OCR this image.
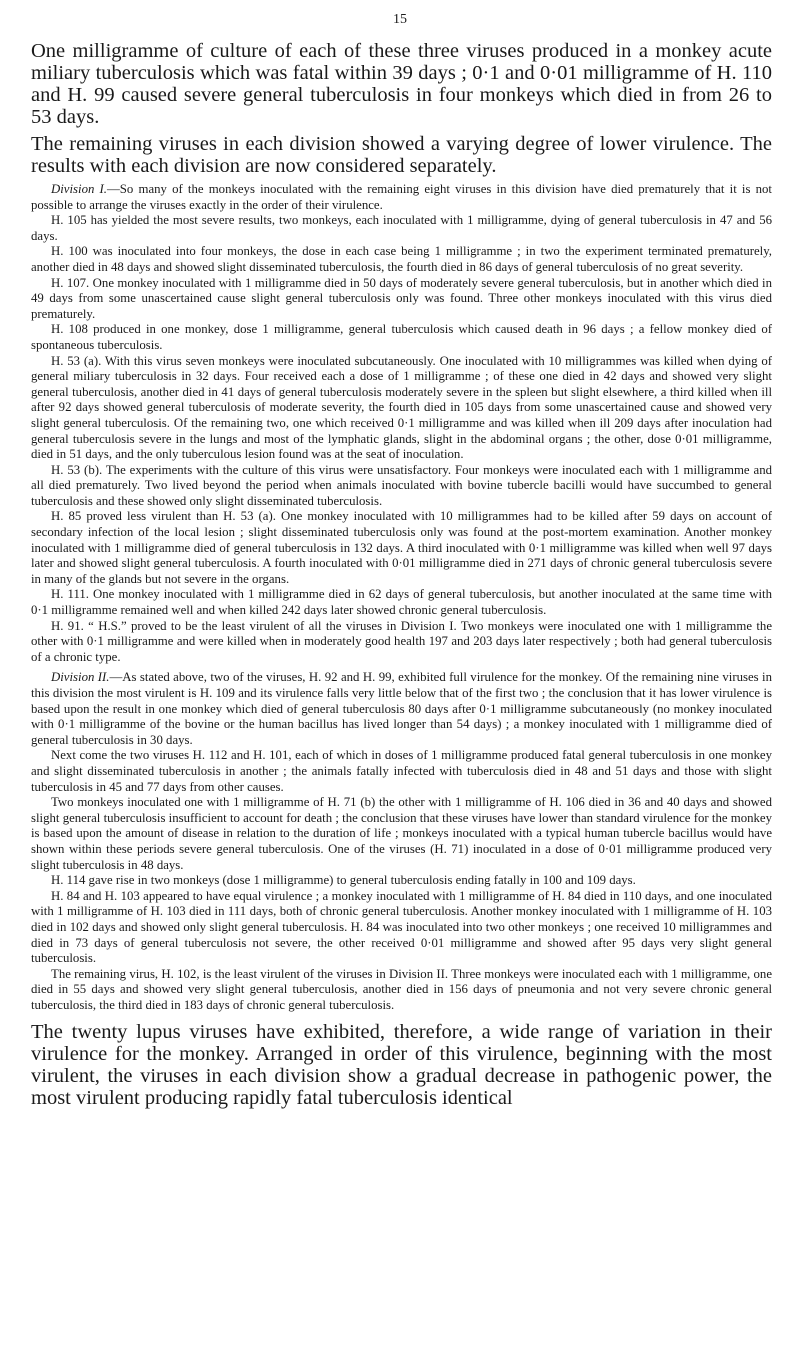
15

One milligramme of culture of each of these three viruses produced in a monkey acute miliary tuberculosis which was fatal within 39 days ; 0·1 and 0·01 milligramme of H. 110 and H. 99 caused severe general tuberculosis in four monkeys which died in from 26 to 53 days.

The remaining viruses in each division showed a varying degree of lower virulence. The results with each division are now considered separately.

Division I.—So many of the monkeys inoculated with the remaining eight viruses in this division have died prematurely that it is not possible to arrange the viruses exactly in the order of their virulence.

H. 105 has yielded the most severe results, two monkeys, each inoculated with 1 milligramme, dying of general tuberculosis in 47 and 56 days.

H. 100 was inoculated into four monkeys, the dose in each case being 1 milligramme ; in two the experiment terminated prematurely, another died in 48 days and showed slight disseminated tuberculosis, the fourth died in 86 days of general tuberculosis of no great severity.

H. 107. One monkey inoculated with 1 milligramme died in 50 days of moderately severe general tuberculosis, but in another which died in 49 days from some unascertained cause slight general tuberculosis only was found. Three other monkeys inoculated with this virus died prematurely.

H. 108 produced in one monkey, dose 1 milligramme, general tuberculosis which caused death in 96 days ; a fellow monkey died of spontaneous tuberculosis.

H. 53 (a). With this virus seven monkeys were inoculated subcutaneously. One inoculated with 10 milligrammes was killed when dying of general miliary tuberculosis in 32 days. Four received each a dose of 1 milligramme ; of these one died in 42 days and showed very slight general tuberculosis, another died in 41 days of general tuberculosis moderately severe in the spleen but slight elsewhere, a third killed when ill after 92 days showed general tuberculosis of moderate severity, the fourth died in 105 days from some unascertained cause and showed very slight general tuberculosis. Of the remaining two, one which received 0·1 milligramme and was killed when ill 209 days after inoculation had general tuberculosis severe in the lungs and most of the lymphatic glands, slight in the abdominal organs ; the other, dose 0·01 milligramme, died in 51 days, and the only tuberculous lesion found was at the seat of inoculation.

H. 53 (b). The experiments with the culture of this virus were unsatisfactory. Four monkeys were inoculated each with 1 milligramme and all died prematurely. Two lived beyond the period when animals inoculated with bovine tubercle bacilli would have succumbed to general tuberculosis and these showed only slight disseminated tuberculosis.

H. 85 proved less virulent than H. 53 (a). One monkey inoculated with 10 milligrammes had to be killed after 59 days on account of secondary infection of the local lesion ; slight disseminated tuberculosis only was found at the post-mortem examination. Another monkey inoculated with 1 milligramme died of general tuberculosis in 132 days. A third inoculated with 0·1 milligramme was killed when well 97 days later and showed slight general tuberculosis. A fourth inoculated with 0·01 milligramme died in 271 days of chronic general tuberculosis severe in many of the glands but not severe in the organs.

H. 111. One monkey inoculated with 1 milligramme died in 62 days of general tuberculosis, but another inoculated at the same time with 0·1 milligramme remained well and when killed 242 days later showed chronic general tuberculosis.

H. 91. “ H.S.” proved to be the least virulent of all the viruses in Division I. Two monkeys were inoculated one with 1 milligramme the other with 0·1 milligramme and were killed when in moderately good health 197 and 203 days later respectively ; both had general tuberculosis of a chronic type.

Division II.—As stated above, two of the viruses, H. 92 and H. 99, exhibited full virulence for the monkey. Of the remaining nine viruses in this division the most virulent is H. 109 and its virulence falls very little below that of the first two ; the conclusion that it has lower virulence is based upon the result in one monkey which died of general tuberculosis 80 days after 0·1 milligramme subcutaneously (no monkey inoculated with 0·1 milligramme of the bovine or the human bacillus has lived longer than 54 days) ; a monkey inoculated with 1 milligramme died of general tuberculosis in 30 days.

Next come the two viruses H. 112 and H. 101, each of which in doses of 1 milligramme produced fatal general tuberculosis in one monkey and slight disseminated tuberculosis in another ; the animals fatally infected with tuberculosis died in 48 and 51 days and those with slight tuberculosis in 45 and 77 days from other causes.

Two monkeys inoculated one with 1 milligramme of H. 71 (b) the other with 1 milligramme of H. 106 died in 36 and 40 days and showed slight general tuberculosis insufficient to account for death ; the conclusion that these viruses have lower than standard virulence for the monkey is based upon the amount of disease in relation to the duration of life ; monkeys inoculated with a typical human tubercle bacillus would have shown within these periods severe general tuberculosis. One of the viruses (H. 71) inoculated in a dose of 0·01 milligramme produced very slight tuberculosis in 48 days.

H. 114 gave rise in two monkeys (dose 1 milligramme) to general tuberculosis ending fatally in 100 and 109 days.

H. 84 and H. 103 appeared to have equal virulence ; a monkey inoculated with 1 milligramme of H. 84 died in 110 days, and one inoculated with 1 milligramme of H. 103 died in 111 days, both of chronic general tuberculosis. Another monkey inoculated with 1 milligramme of H. 103 died in 102 days and showed only slight general tuberculosis. H. 84 was inoculated into two other monkeys ; one received 10 milligrammes and died in 73 days of general tuberculosis not severe, the other received 0·01 milligramme and showed after 95 days very slight general tuberculosis.

The remaining virus, H. 102, is the least virulent of the viruses in Division II. Three monkeys were inoculated each with 1 milligramme, one died in 55 days and showed very slight general tuberculosis, another died in 156 days of pneumonia and not very severe chronic general tuberculosis, the third died in 183 days of chronic general tuberculosis.

The twenty lupus viruses have exhibited, therefore, a wide range of variation in their virulence for the monkey. Arranged in order of this virulence, beginning with the most virulent, the viruses in each division show a gradual decrease in pathogenic power, the most virulent producing rapidly fatal tuberculosis identical
